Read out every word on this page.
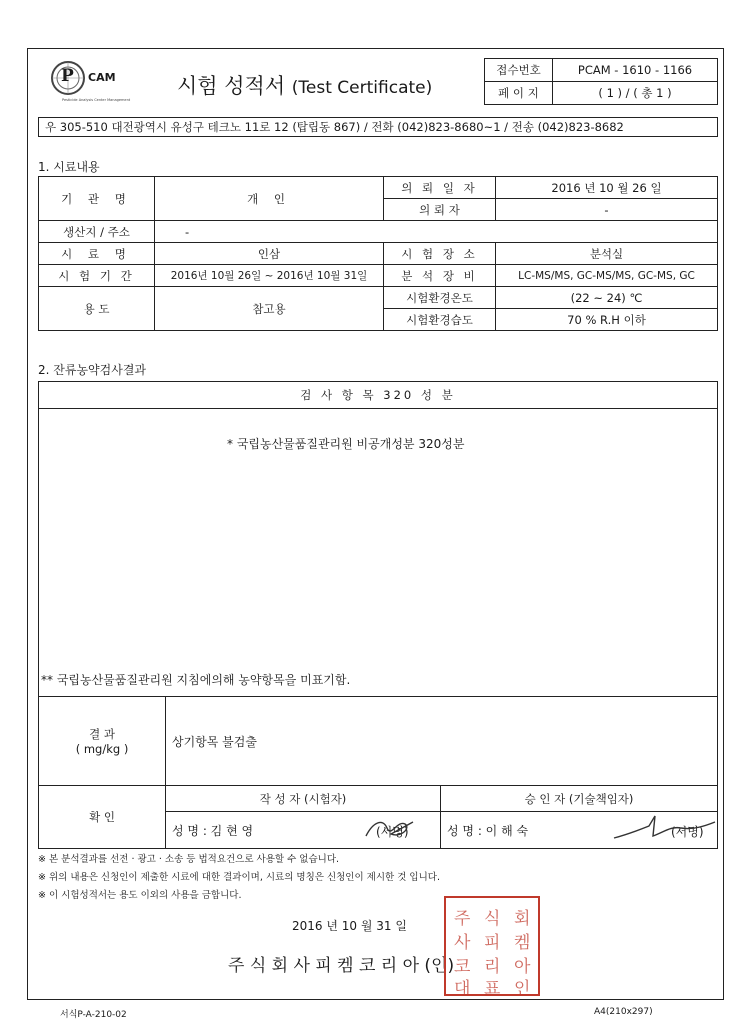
P CAM
Pesticide Analysis Center Management
시험 성적서 (Test Certificate)
접수번호	PCAM - 1610 - 1166
페 이 지	( 1 ) / ( 총 1 )
우 305-510 대전광역시 유성구 테크노 11로 12 (탑립동 867) / 전화 (042)823-8680~1 / 전송 (042)823-8682
1. 시료내용
기 관 명	개 인	의 뢰 일 자	2016 년 10 월 26 일
		의 뢰 자	-
생산지 / 주소	-		
시 료 명	인삼	시 험 장 소	분석실
시 험 기 간	2016년 10월 26일 ~ 2016년 10월 31일	분 석 장 비	LC-MS/MS, GC-MS/MS, GC-MS, GC
용 도	참고용	시험환경온도	(22 ~ 24) ℃
		시험환경습도	70 % R.H 이하
2. 잔류농약검사결과
검 사 항 목 320 성 분		

* 국립농산물품질관리원 비공개성분 320성분
** 국립농산물품질관리원 지침에의해 농약항목을 미표기함.		

결 과
( mg/kg )	상기항목 불검출	
확 인	작 성 자 (시험자)	승 인 자 (기술책임자)
	성 명 : 김 현 영 (서명)	성 명 : 이 해 숙 (서명)
※ 본 분석결과를 선전 · 광고 · 소송 등 법적요건으로 사용할 수 없습니다.
※ 위의 내용은 신청인이 제출한 시료에 대한 결과이며, 시료의 명칭은 신청인이 제시한 것 입니다.
※ 이 시험성적서는 용도 이외의 사용을 금합니다.
2016 년 10 월 31 일
주 식 회 사 피 켐 코 리 아 (인)
주 식 회
사 피 켐
코 리 아
대 표 인
서식P-A-210-02	A4(210x297)
